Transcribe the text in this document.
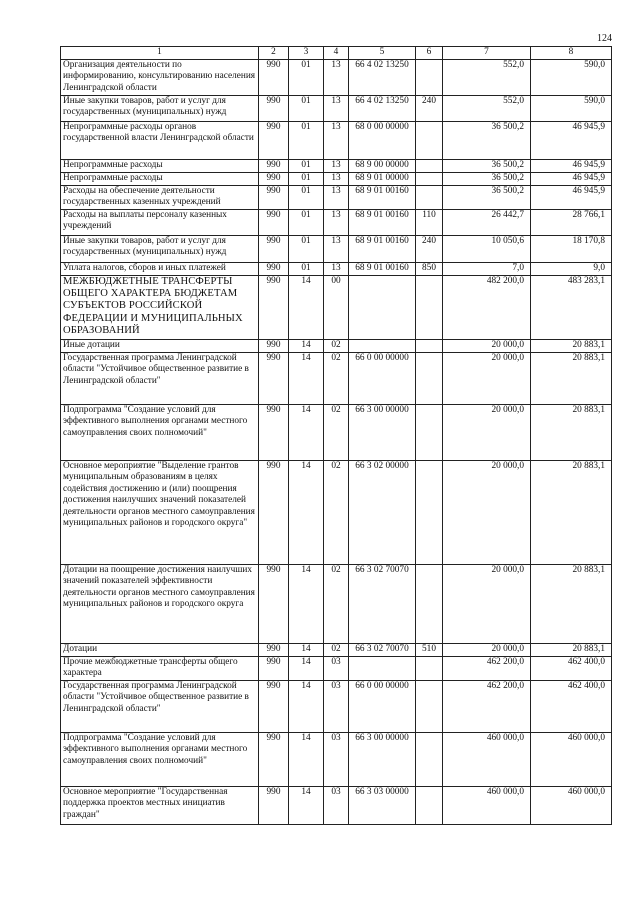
124
1	2	3	4	5	6	7	8
Организация деятельности по информированию, консультированию населения Ленинградской области	990	01	13	66 4 02 13250		552,0	590,0
Иные закупки товаров, работ и услуг для государственных (муниципальных) нужд	990	01	13	66 4 02 13250	240	552,0	590,0
Непрограммные расходы органов государственной власти Ленинградской области	990	01	13	68 0 00 00000		36 500,2	46 945,9
Непрограммные расходы	990	01	13	68 9 00 00000		36 500,2	46 945,9
Непрограммные расходы	990	01	13	68 9 01 00000		36 500,2	46 945,9
Расходы на обеспечение деятельности государственных казенных учреждений	990	01	13	68 9 01 00160		36 500,2	46 945,9
Расходы на выплаты персоналу казенных учреждений	990	01	13	68 9 01 00160	110	26 442,7	28 766,1
Иные закупки товаров, работ и услуг для государственных (муниципальных) нужд	990	01	13	68 9 01 00160	240	10 050,6	18 170,8
Уплата налогов, сборов и иных платежей	990	01	13	68 9 01 00160	850	7,0	9,0
МЕЖБЮДЖЕТНЫЕ ТРАНСФЕРТЫ ОБЩЕГО ХАРАКТЕРА БЮДЖЕТАМ СУБЪЕКТОВ РОССИЙСКОЙ ФЕДЕРАЦИИ И МУНИЦИПАЛЬНЫХ ОБРАЗОВАНИЙ	990	14	00			482 200,0	483 283,1
Иные дотации	990	14	02			20 000,0	20 883,1
Государственная программа Ленинградской области "Устойчивое общественное развитие в Ленинградской области"	990	14	02	66 0 00 00000		20 000,0	20 883,1
Подпрограмма "Создание условий для эффективного выполнения органами местного самоуправления своих полномочий"	990	14	02	66 3 00 00000		20 000,0	20 883,1
Основное мероприятие "Выделение грантов муниципальным образованиям в целях содействия достижению и (или) поощрения достижения наилучших значений показателей деятельности органов местного самоуправления муниципальных районов и городского округа"	990	14	02	66 3 02 00000		20 000,0	20 883,1
Дотации на поощрение достижения наилучших значений показателей эффективности деятельности органов местного самоуправления муниципальных районов и городского округа	990	14	02	66 3 02 70070		20 000,0	20 883,1
Дотации	990	14	02	66 3 02 70070	510	20 000,0	20 883,1
Прочие межбюджетные трансферты общего характера	990	14	03			462 200,0	462 400,0
Государственная программа Ленинградской области "Устойчивое общественное развитие в Ленинградской области"	990	14	03	66 0 00 00000		462 200,0	462 400,0
Подпрограмма "Создание условий для эффективного выполнения органами местного самоуправления своих полномочий"	990	14	03	66 3 00 00000		460 000,0	460 000,0
Основное мероприятие "Государственная поддержка проектов местных инициатив граждан"	990	14	03	66 3 03 00000		460 000,0	460 000,0
